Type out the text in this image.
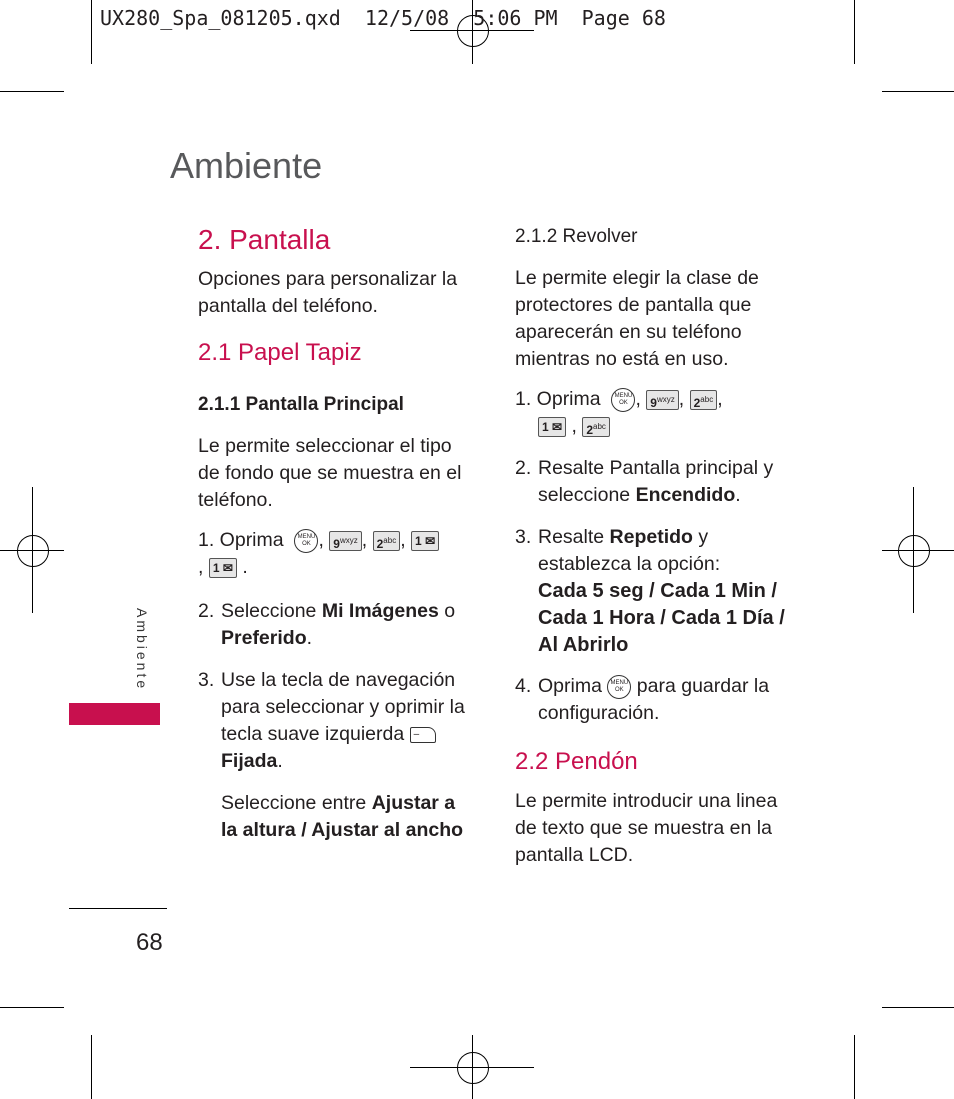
UX280_Spa_081205.qxd  12/5/08  5:06 PM  Page 68
Ambiente
Ambiente
68
2. Pantalla
Opciones para personalizar la pantalla del teléfono.
2.1 Papel Tapiz
2.1.1 Pantalla Principal
Le permite seleccionar el tipo de fondo que se muestra en el teléfono.
1. Oprima MENU
OK , $9^{wxyz}$ , $2^{abc}$ , 1 ✉
, 1 ✉ .
2. Seleccione Mi Imágenes o
Preferido.
3. Use la tecla de navegación para seleccionar y oprimir la tecla suave izquierda –
Fijada.
Seleccione entre Ajustar a la altura / Ajustar al ancho
2.1.2 Revolver
Le permite elegir la clase de protectores de pantalla que aparecerán en su teléfono mientras no está en uso.
1. Oprima MENU
OK , $9^{wxyz}$ , $2^{abc}$ ,
1 ✉ , $2^{abc}$
2. Resalte Pantalla principal y seleccione Encendido.
3. Resalte Repetido y establezca la opción:
Cada 5 seg / Cada 1 Min / Cada 1 Hora / Cada 1 Día / Al Abrirlo
4. Oprima MENU
OK para guardar la configuración.
2.2 Pendón
Le permite introducir una linea de texto que se muestra en la pantalla LCD.
